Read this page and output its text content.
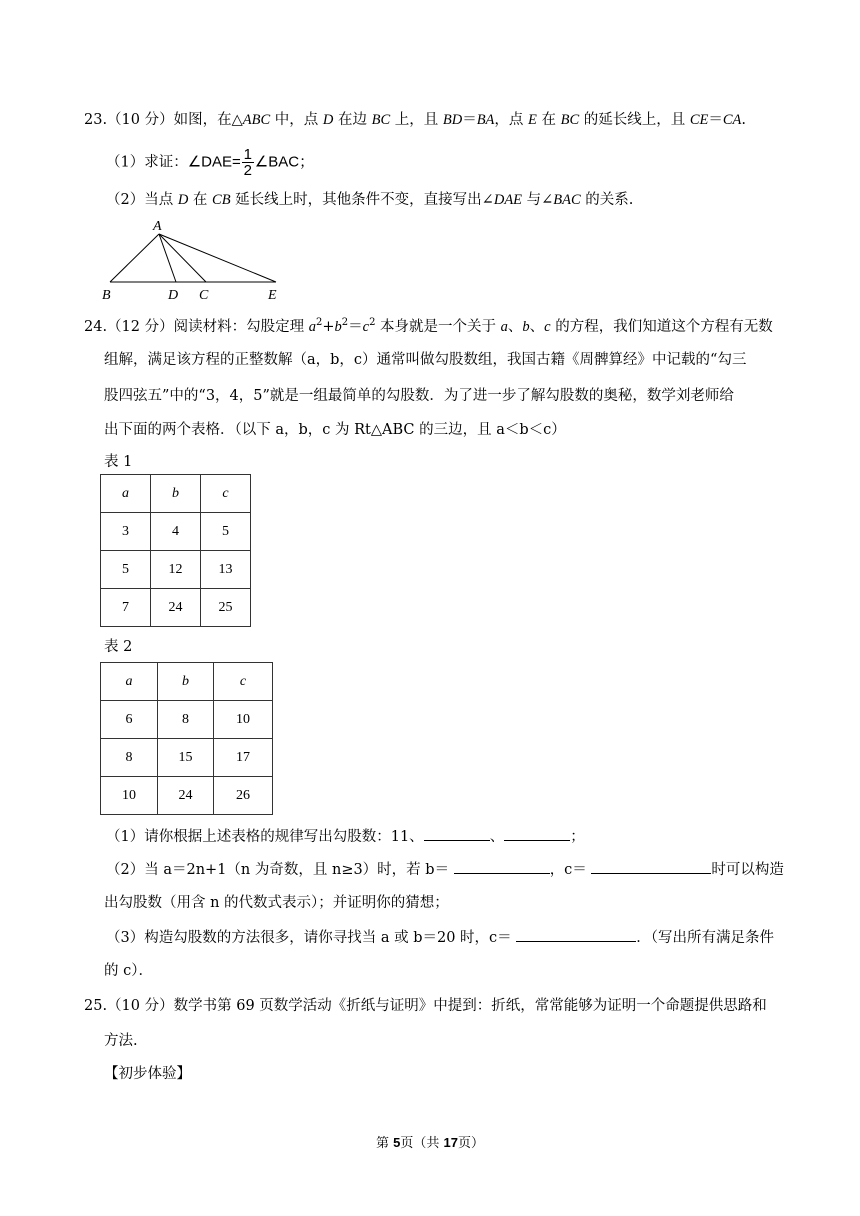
23.（10 分）如图，在△ABC 中，点 D 在边 BC 上，且 BD＝BA，点 E 在 BC 的延长线上，且 CE＝CA.
（1）求证：∠DAE= $\frac{1}{2}$ ∠BAC；
（2）当点 D 在 CB 延长线上时，其他条件不变，直接写出∠DAE 与∠BAC 的关系.
A
B	D C	E
24.（12 分）阅读材料：勾股定理 $a^2+b^2=c^2$ 本身就是一个关于 a、b、c 的方程，我们知道这个方程有无数
组解，满足该方程的正整数解（a，b，c）通常叫做勾股数组，我国古籍《周髀算经》中记载的“勾三
股四弦五”中的“3，4，5”就是一组最简单的勾股数．为了进一步了解勾股数的奥秘，数学刘老师给
出下面的两个表格．（以下 a，b，c 为 Rt△ABC 的三边，且 a＜b＜c）
表 1
a	b	c
3	4	5
5	12	13
7	24	25
表 2
a	b	c
6	8	10
8	15	17
10	24	26
（1）请你根据上述表格的规律写出勾股数：11、	、	；
（2）当 a＝2n+1（n 为奇数，且 n≥3）时，若 b＝	，c＝	时可以构造
出勾股数（用含 n 的代数式表示）；并证明你的猜想；
（3）构造勾股数的方法很多，请你寻找当 a 或 b＝20 时，c＝	．（写出所有满足条件
的 c）．
25.（10 分）数学书第 69 页数学活动《折纸与证明》中提到：折纸，常常能够为证明一个命题提供思路和
方法.
【初步体验】
第 5页（共 17页）
